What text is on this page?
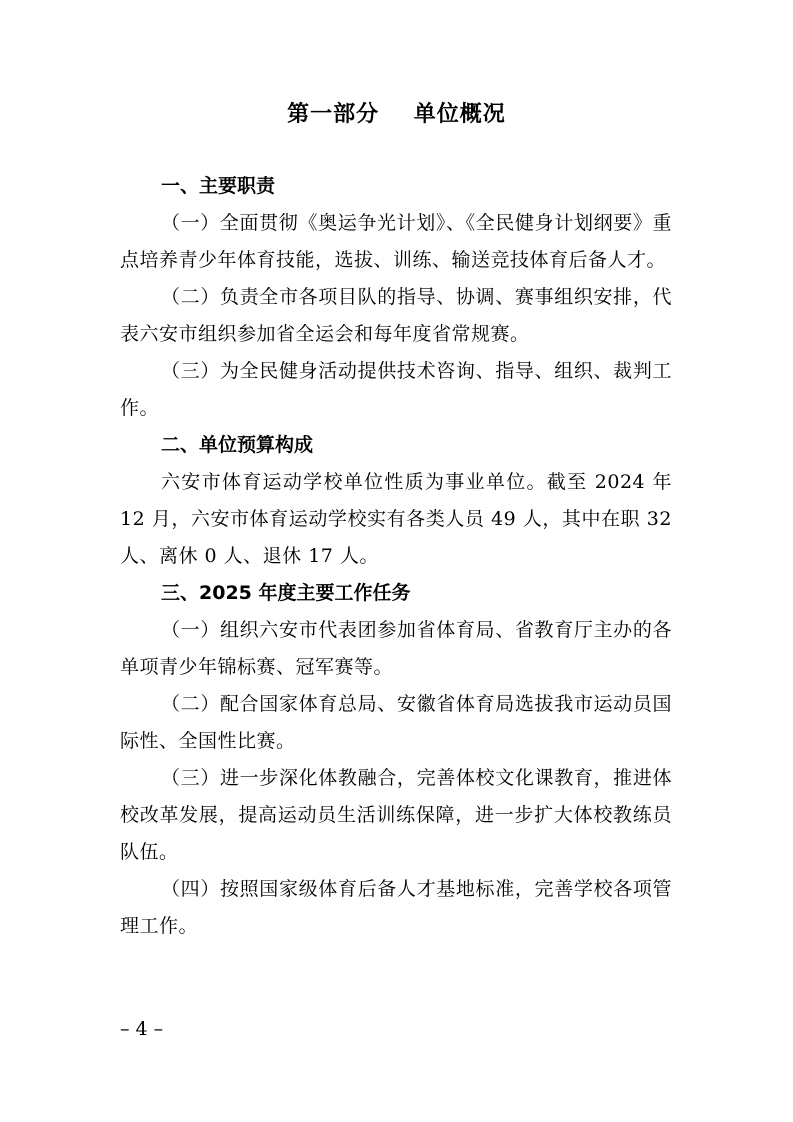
第一部分    单位概况

一、主要职责

（一）全面贯彻《奥运争光计划》、《全民健身计划纲要》重点培养青少年体育技能，选拔、训练、输送竞技体育后备人才。

（二）负责全市各项目队的指导、协调、赛事组织安排，代表六安市组织参加省全运会和每年度省常规赛。

（三）为全民健身活动提供技术咨询、指导、组织、裁判工作。

二、单位预算构成

六安市体育运动学校单位性质为事业单位。截至 2024 年 12 月，六安市体育运动学校实有各类人员 49 人，其中在职 32 人、离休 0 人、退休 17 人。

三、2025 年度主要工作任务

（一）组织六安市代表团参加省体育局、省教育厅主办的各单项青少年锦标赛、冠军赛等。

（二）配合国家体育总局、安徽省体育局选拔我市运动员国际性、全国性比赛。

（三）进一步深化体教融合，完善体校文化课教育，推进体校改革发展，提高运动员生活训练保障，进一步扩大体校教练员队伍。

（四）按照国家级体育后备人才基地标准，完善学校各项管理工作。

– 4 –
